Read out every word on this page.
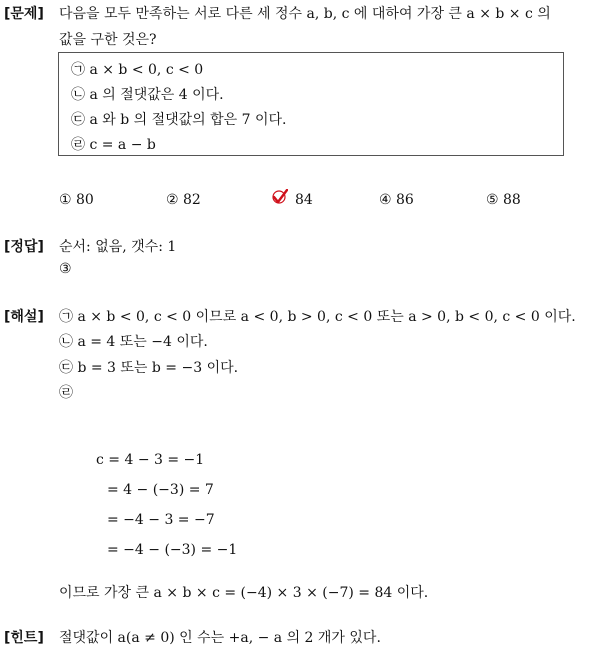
[문제] 다음을 모두 만족하는 서로 다른 세 정수 a, b, c 에 대하여 가장 큰 a × b × c 의
값을 구한 것은?
㉠ a × b < 0, c < 0
㉡ a 의 절댓값은 4 이다.
㉢ a 와 b 의 절댓값의 합은 7 이다.
㉣ c = a − b
① 80	② 82	84	④ 86	⑤ 88
[정답] 순서: 없음, 갯수: 1
③
[해설] ㉠ a × b < 0, c < 0 이므로 a < 0, b > 0, c < 0 또는 a > 0, b < 0, c < 0 이다.
㉡ a = 4 또는 −4 이다.
㉢ b = 3 또는 b = −3 이다.
㉣
c = 4 − 3 = −1
= 4 − (−3) = 7
= −4 − 3 = −7
= −4 − (−3) = −1
이므로 가장 큰 a × b × c = (−4) × 3 × (−7) = 84 이다.
[힌트] 절댓값이 a(a ≠ 0) 인 수는 +a, − a 의 2 개가 있다.
